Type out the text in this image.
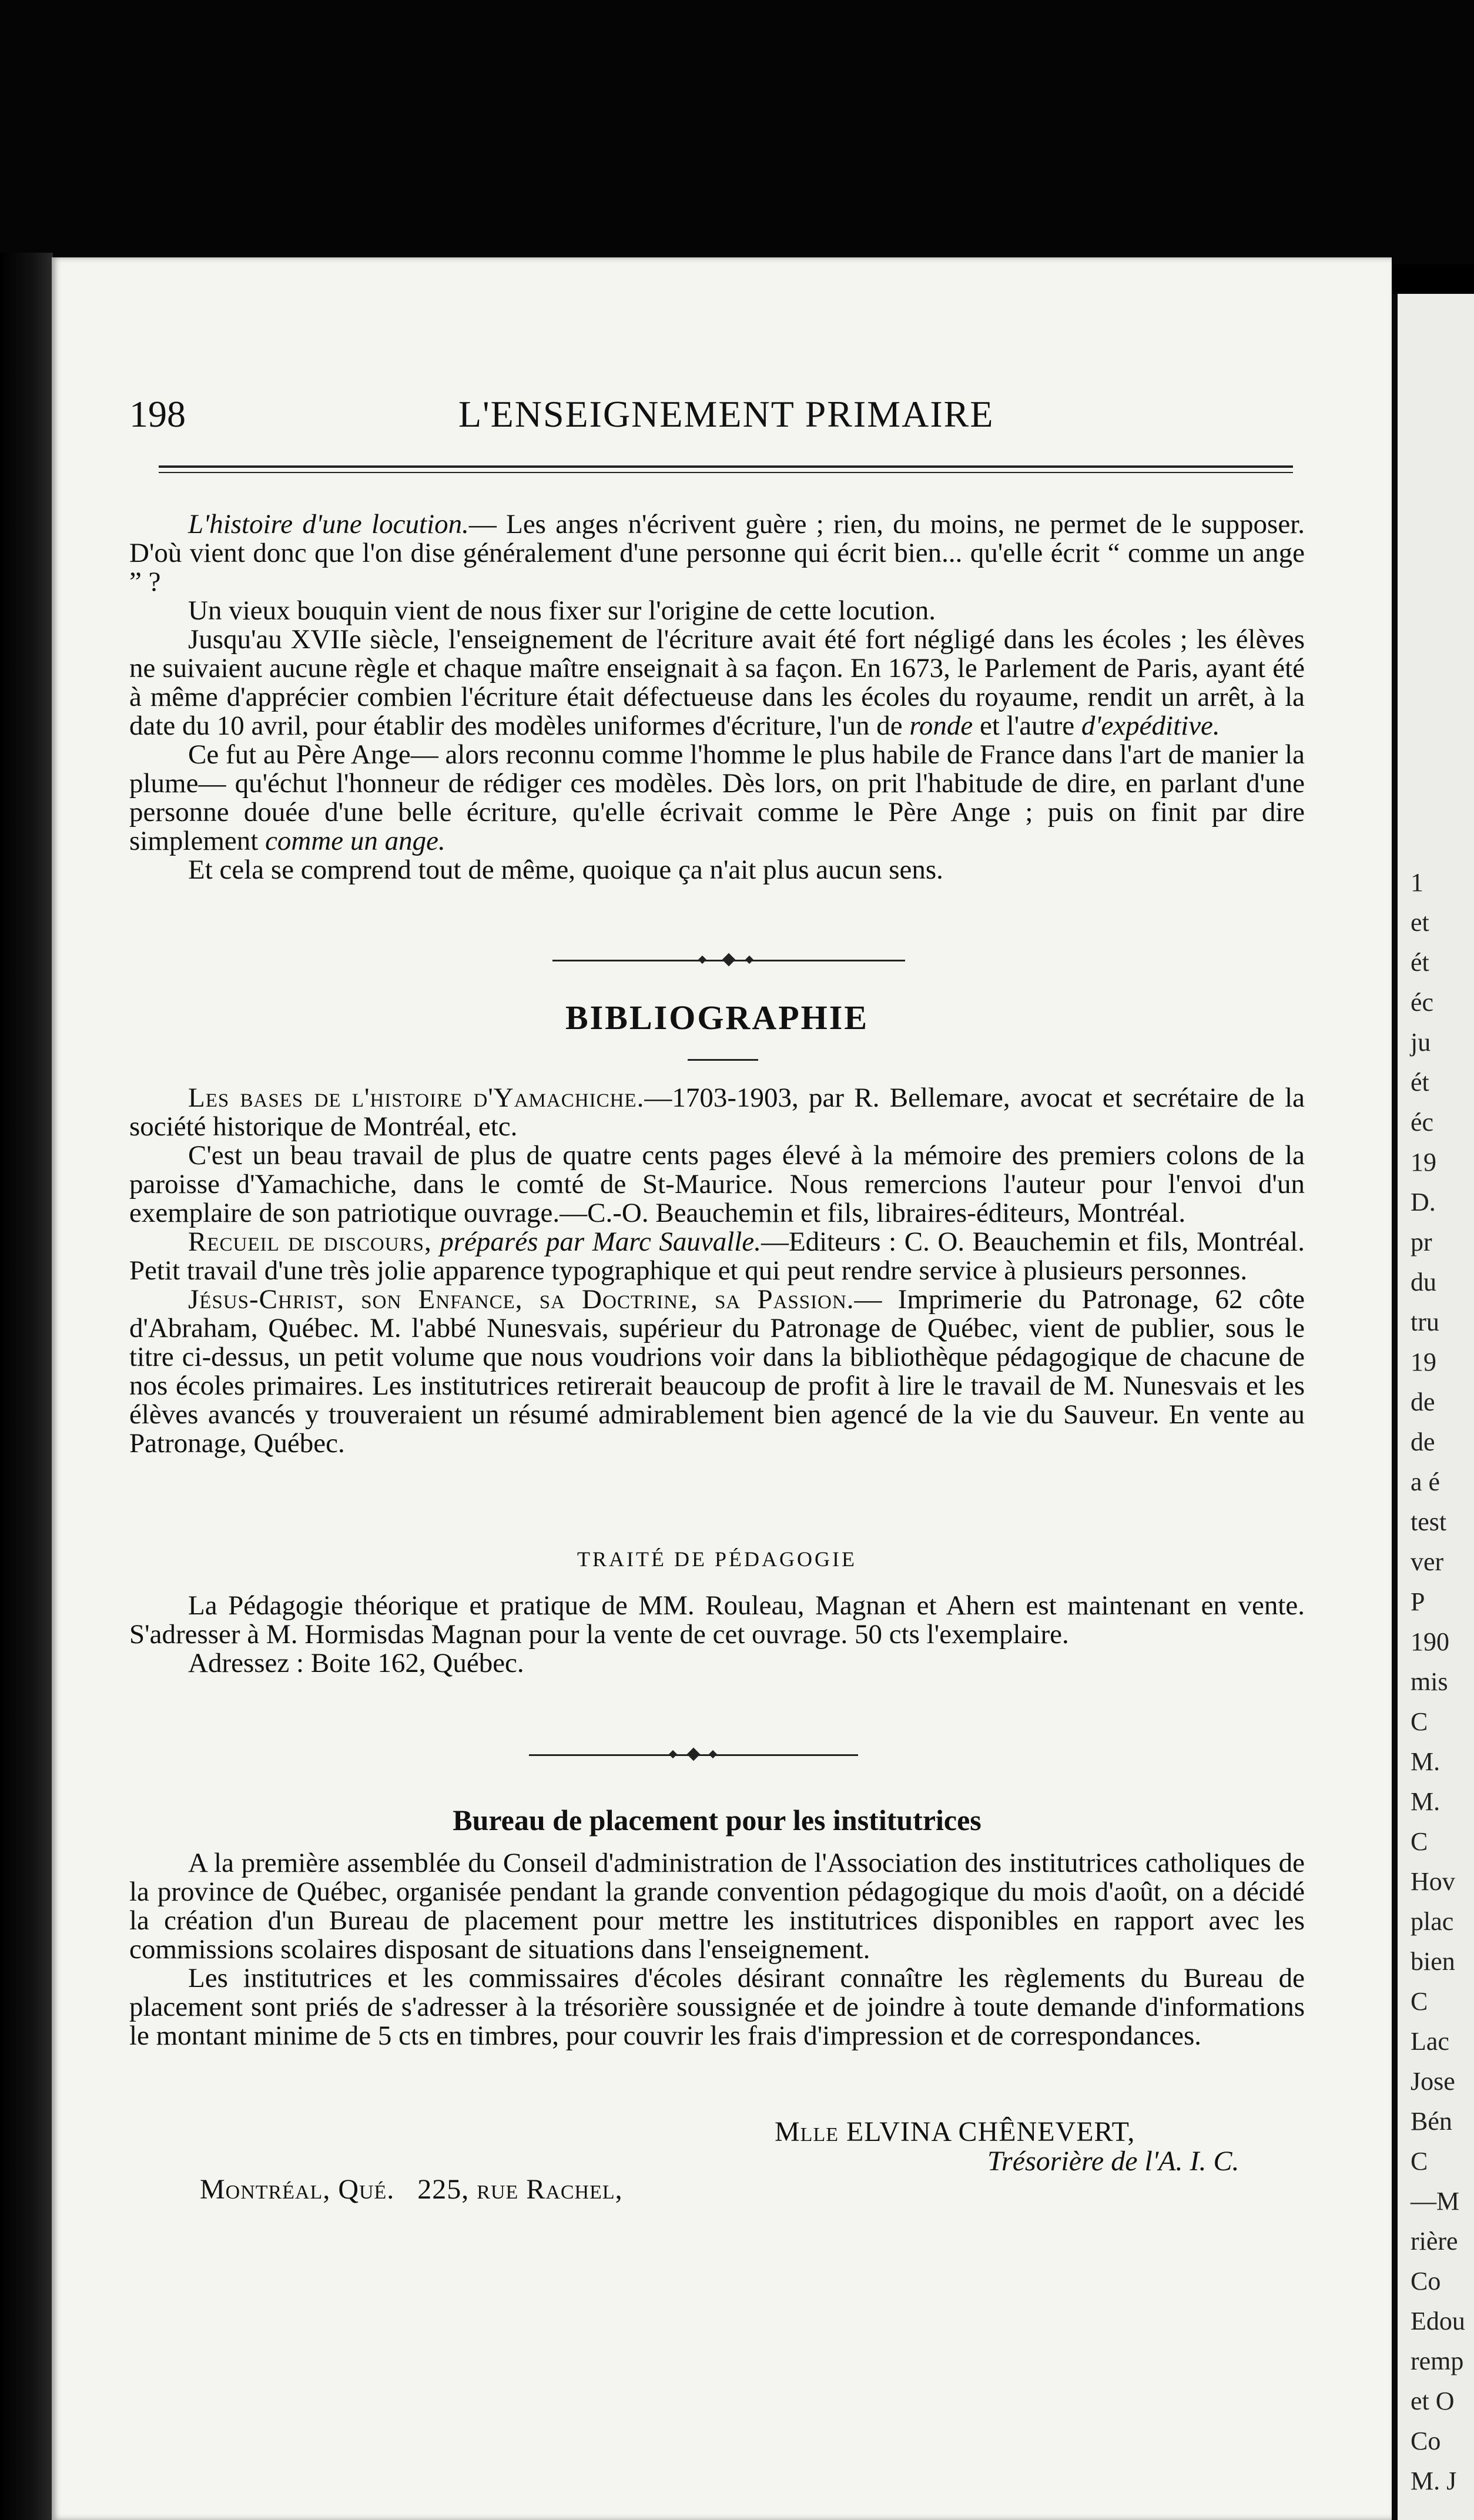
1
et
ét
éc
ju
ét
éc
19
D.
pr
du
tru
19
de
de
a é
test
ver
P
190
mis
C
M.
M.
C
Hov
plac
bien
C
Lac
Jose
Bén
C
—M
rière
Co
Edou
remp
et O
Co
M. J
198	L'ENSEIGNEMENT PRIMAIRE

L'histoire d'une locution.— Les anges n'écrivent guère ; rien, du moins, ne permet de le supposer. D'où vient donc que l'on dise généralement d'une personne qui écrit bien... qu'elle écrit “ comme un ange ” ?

Un vieux bouquin vient de nous fixer sur l'origine de cette locution.

Jusqu'au XVIIe siècle, l'enseignement de l'écriture avait été fort négligé dans les écoles ; les élèves ne suivaient aucune règle et chaque maître enseignait à sa façon. En 1673, le Parlement de Paris, ayant été à même d'apprécier combien l'écriture était défectueuse dans les écoles du royaume, rendit un arrêt, à la date du 10 avril, pour établir des modèles uniformes d'écriture, l'un de ronde et l'autre d'expéditive.

Ce fut au Père Ange— alors reconnu comme l'homme le plus habile de France dans l'art de manier la plume— qu'échut l'honneur de rédiger ces modèles. Dès lors, on prit l'habitude de dire, en parlant d'une personne douée d'une belle écriture, qu'elle écrivait comme le Père Ange ; puis on finit par dire simplement comme un ange.

Et cela se comprend tout de même, quoique ça n'ait plus aucun sens.

BIBLIOGRAPHIE

Les bases de l'histoire d'Yamachiche.—1703-1903, par R. Bellemare, avocat et secrétaire de la société historique de Montréal, etc.

C'est un beau travail de plus de quatre cents pages élevé à la mémoire des premiers colons de la paroisse d'Yamachiche, dans le comté de St-Maurice. Nous remercions l'auteur pour l'envoi d'un exemplaire de son patriotique ouvrage.—C.-O. Beauchemin et fils, libraires-éditeurs, Montréal.

Recueil de discours, préparés par Marc Sauvalle.—Editeurs : C. O. Beauchemin et fils, Montréal. Petit travail d'une très jolie apparence typographique et qui peut rendre service à plusieurs personnes.

Jésus-Christ, son Enfance, sa Doctrine, sa Passion.— Imprimerie du Patronage, 62 côte d'Abraham, Québec. M. l'abbé Nunesvais, supérieur du Patronage de Québec, vient de publier, sous le titre ci-dessus, un petit volume que nous voudrions voir dans la bibliothèque pédagogique de chacune de nos écoles primaires. Les institutrices retirerait beaucoup de profit à lire le travail de M. Nunesvais et les élèves avancés y trouveraient un résumé admirablement bien agencé de la vie du Sauveur. En vente au Patronage, Québec.

TRAITÉ DE PÉDAGOGIE

La Pédagogie théorique et pratique de MM. Rouleau, Magnan et Ahern est maintenant en vente. S'adresser à M. Hormisdas Magnan pour la vente de cet ouvrage. 50 cts l'exemplaire.

Adressez : Boite 162, Québec.

Bureau de placement pour les institutrices

A la première assemblée du Conseil d'administration de l'Association des institutrices catholiques de la province de Québec, organisée pendant la grande convention pédagogique du mois d'août, on a décidé la création d'un Bureau de placement pour mettre les institutrices disponibles en rapport avec les commissions scolaires disposant de situations dans l'enseignement.

Les institutrices et les commissaires d'écoles désirant connaître les règlements du Bureau de placement sont priés de s'adresser à la trésorière soussignée et de joindre à toute demande d'informations le montant minime de 5 cts en timbres, pour couvrir les frais d'impression et de correspondances.

Mlle ELVINA CHÊNEVERT,
Trésorière de l'A. I. C.
Montréal, Qué.   225, rue Rachel,
